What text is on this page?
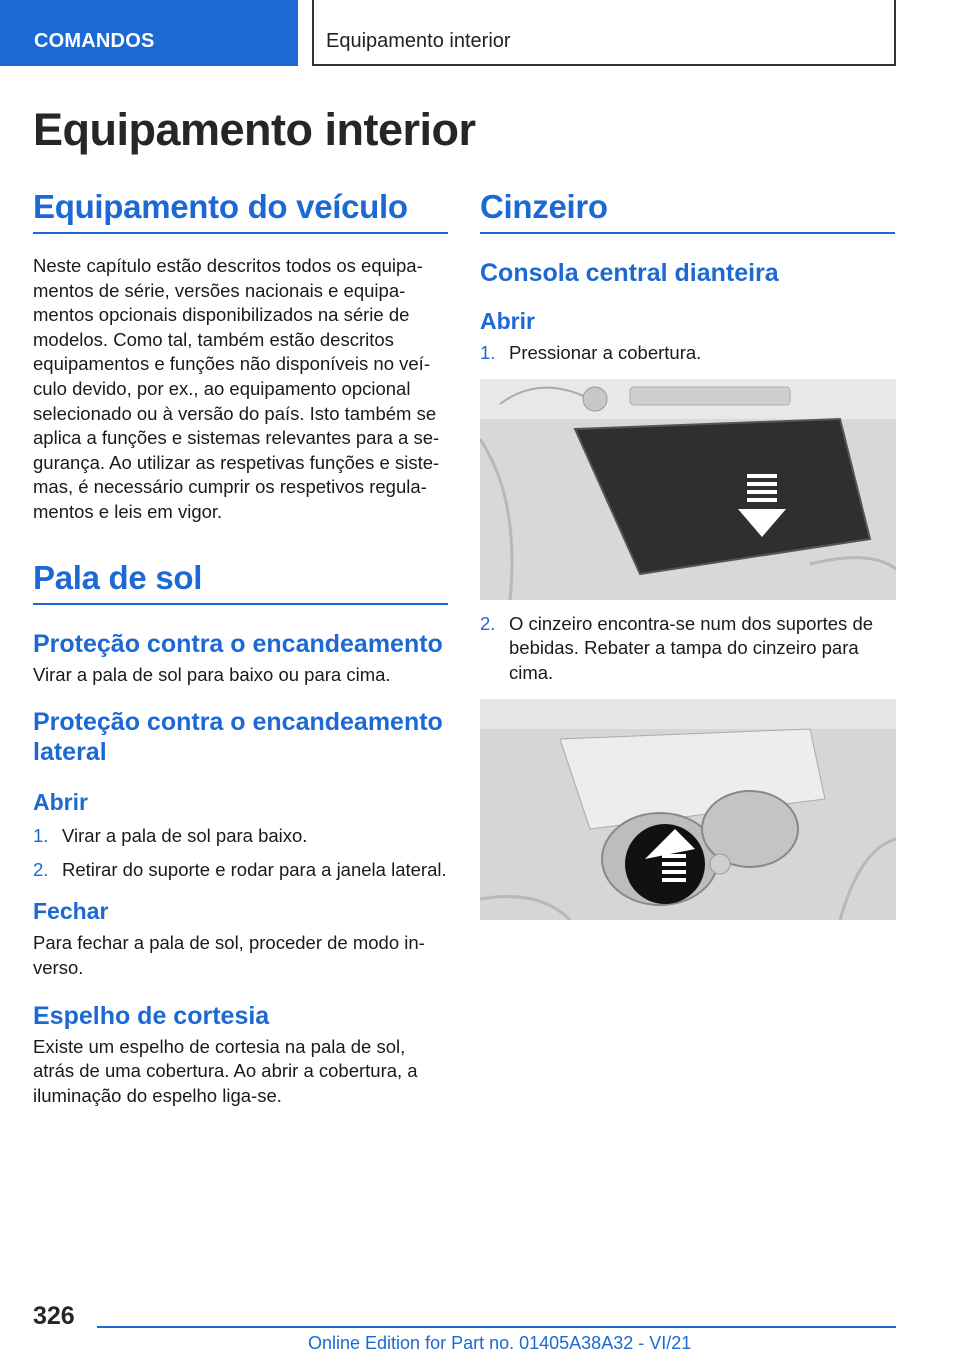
COMANDOS	Equipamento interior
Equipamento interior
Equipamento do veículo

Neste capítulo estão descritos todos os equipamentos de série, versões nacionais e equipamentos opcionais disponibilizados na série de modelos. Como tal, também estão descritos equipamentos e funções não disponíveis no veículo devido, por ex., ao equipamento opcional selecionado ou à versão do país. Isto também se aplica a funções e sistemas relevantes para a segurança. Ao utilizar as respetivas funções e sistemas, é necessário cumprir os respetivos regulamentos e leis em vigor.

Pala de sol
Proteção contra o encandeamento

Virar a pala de sol para baixo ou para cima.

Proteção contra o encandeamento lateral
Abrir
1. Virar a pala de sol para baixo.
2. Retirar do suporte e rodar para a janela lateral.
Fechar

Para fechar a pala de sol, proceder de modo inverso.

Espelho de cortesia

Existe um espelho de cortesia na pala de sol, atrás de uma cobertura. Ao abrir a cobertura, a iluminação do espelho liga-se.

Cinzeiro
Consola central dianteira
Abrir
1. Pressionar a cobertura.
2. O cinzeiro encontra-se num dos suportes de bebidas. Rebater a tampa do cinzeiro para cima.
326
Online Edition for Part no. 01405A38A32 - VI/21
